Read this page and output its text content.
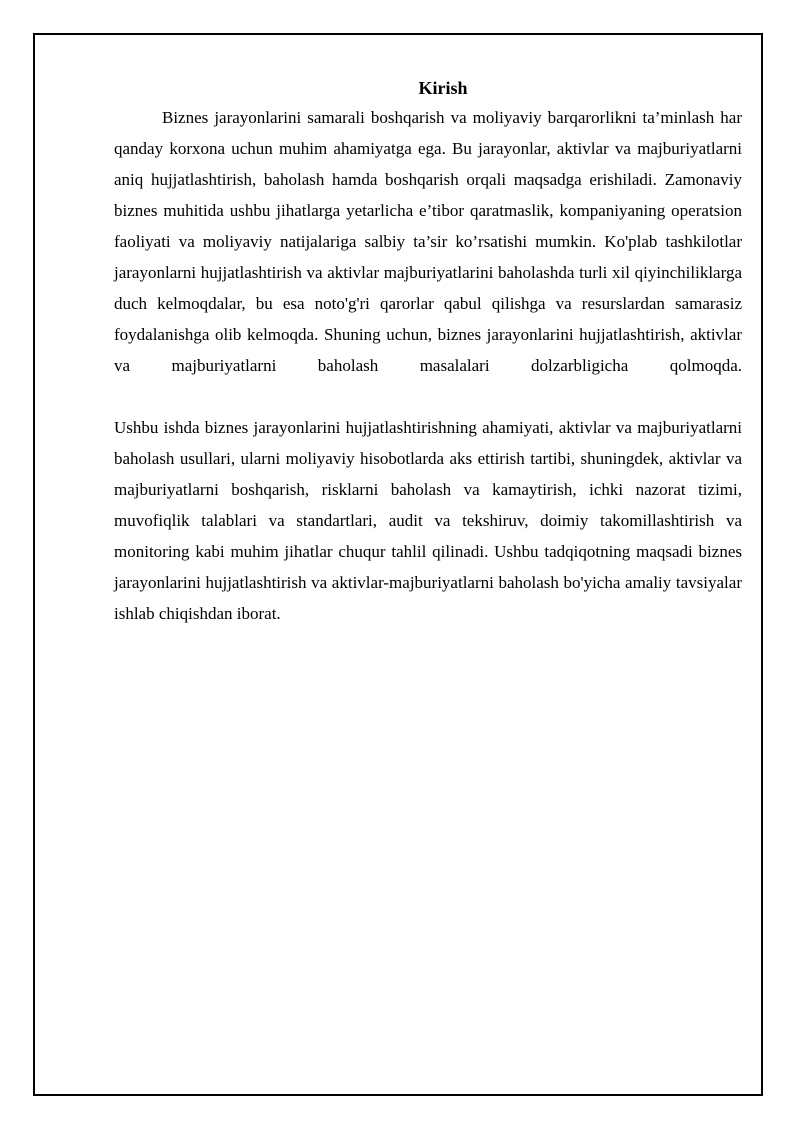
Kirish

Biznes jarayonlarini samarali boshqarish va moliyaviy barqarorlikni ta’minlash har qanday korxona uchun muhim ahamiyatga ega. Bu jarayonlar, aktivlar va majburiyatlarni aniq hujjatlashtirish, baholash hamda boshqarish orqali maqsadga erishiladi. Zamonaviy biznes muhitida ushbu jihatlarga yetarlicha e’tibor qaratmaslik, kompaniyaning operatsion faoliyati va moliyaviy natijalariga salbiy ta’sir ko’rsatishi mumkin. Ko'plab tashkilotlar jarayonlarni hujjatlashtirish va aktivlar majburiyatlarini baholashda turli xil qiyinchiliklarga duch kelmoqdalar, bu esa noto'g'ri qarorlar qabul qilishga va resurslardan samarasiz foydalanishga olib kelmoqda. Shuning uchun, biznes jarayonlarini hujjatlashtirish, aktivlar va majburiyatlarni baholash masalalari dolzarbligicha qolmoqda.

Ushbu ishda biznes jarayonlarini hujjatlashtirishning ahamiyati, aktivlar va majburiyatlarni baholash usullari, ularni moliyaviy hisobotlarda aks ettirish tartibi, shuningdek, aktivlar va majburiyatlarni boshqarish, risklarni baholash va kamaytirish, ichki nazorat tizimi, muvofiqlik talablari va standartlari, audit va tekshiruv, doimiy takomillashtirish va monitoring kabi muhim jihatlar chuqur tahlil qilinadi. Ushbu tadqiqotning maqsadi biznes jarayonlarini hujjatlashtirish va aktivlar-majburiyatlarni baholash bo'yicha amaliy tavsiyalar ishlab chiqishdan iborat.
